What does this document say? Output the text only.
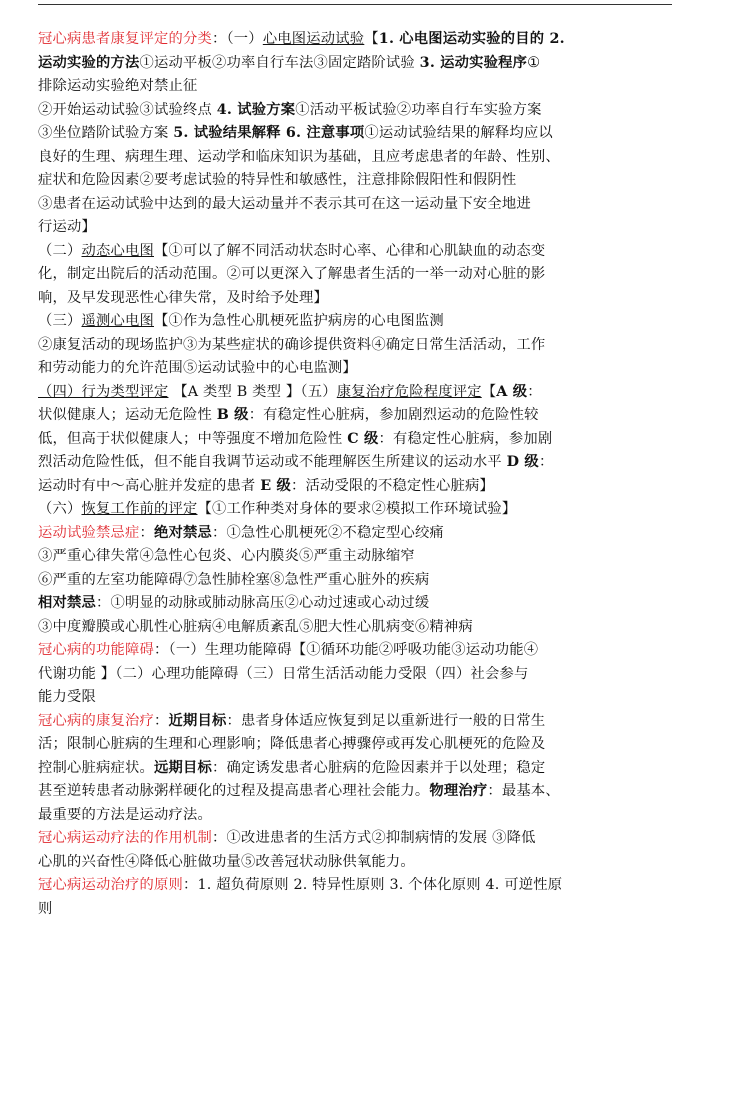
冠心病患者康复评定的分类：（一）心电图运动试验【1. 心电图运动实验的目的 2.

运动实验的方法①运动平板②功率自行车法③固定踏阶试验 3. 运动实验程序①

排除运动实验绝对禁止征

②开始运动试验③试验终点 4. 试验方案①活动平板试验②功率自行车实验方案

③坐位踏阶试验方案 5. 试验结果解释 6. 注意事项①运动试验结果的解释均应以

良好的生理、病理生理、运动学和临床知识为基础，且应考虑患者的年龄、性别、

症状和危险因素②要考虑试验的特异性和敏感性，注意排除假阳性和假阴性

③患者在运动试验中达到的最大运动量并不表示其可在这一运动量下安全地进

行运动】

（二）动态心电图【①可以了解不同活动状态时心率、心律和心肌缺血的动态变

化，制定出院后的活动范围。②可以更深入了解患者生活的一举一动对心脏的影

响，及早发现恶性心律失常，及时给予处理】

（三）遥测心电图【①作为急性心肌梗死监护病房的心电图监测

②康复活动的现场监护③为某些症状的确诊提供资料④确定日常生活活动，工作

和劳动能力的允许范围⑤运动试验中的心电监测】

（四）行为类型评定 【A 类型 B 类型 】（五）康复治疗危险程度评定【A 级：

状似健康人；运动无危险性 B 级：有稳定性心脏病，参加剧烈运动的危险性较

低，但高于状似健康人；中等强度不增加危险性 C 级：有稳定性心脏病，参加剧

烈活动危险性低，但不能自我调节运动或不能理解医生所建议的运动水平 D 级：

运动时有中～高心脏并发症的患者 E 级：活动受限的不稳定性心脏病】

（六）恢复工作前的评定【①工作种类对身体的要求②模拟工作环境试验】

运动试验禁忌症：绝对禁忌：①急性心肌梗死②不稳定型心绞痛

③严重心律失常④急性心包炎、心内膜炎⑤严重主动脉缩窄

⑥严重的左室功能障碍⑦急性肺栓塞⑧急性严重心脏外的疾病

相对禁忌：①明显的动脉或肺动脉高压②心动过速或心动过缓

③中度瓣膜或心肌性心脏病④电解质紊乱⑤肥大性心肌病变⑥精神病

冠心病的功能障碍：（一）生理功能障碍【①循环功能②呼吸功能③运动功能④

代谢功能 】（二）心理功能障碍（三）日常生活活动能力受限（四）社会参与

能力受限

冠心病的康复治疗：近期目标：患者身体适应恢复到足以重新进行一般的日常生

活；限制心脏病的生理和心理影响；降低患者心搏骤停或再发心肌梗死的危险及

控制心脏病症状。远期目标：确定诱发患者心脏病的危险因素并于以处理；稳定

甚至逆转患者动脉粥样硬化的过程及提高患者心理社会能力。物理治疗：最基本、

最重要的方法是运动疗法。

冠心病运动疗法的作用机制：①改进患者的生活方式②抑制病情的发展 ③降低

心肌的兴奋性④降低心脏做功量⑤改善冠状动脉供氧能力。

冠心病运动治疗的原则：1. 超负荷原则 2. 特异性原则 3. 个体化原则 4. 可逆性原

则
